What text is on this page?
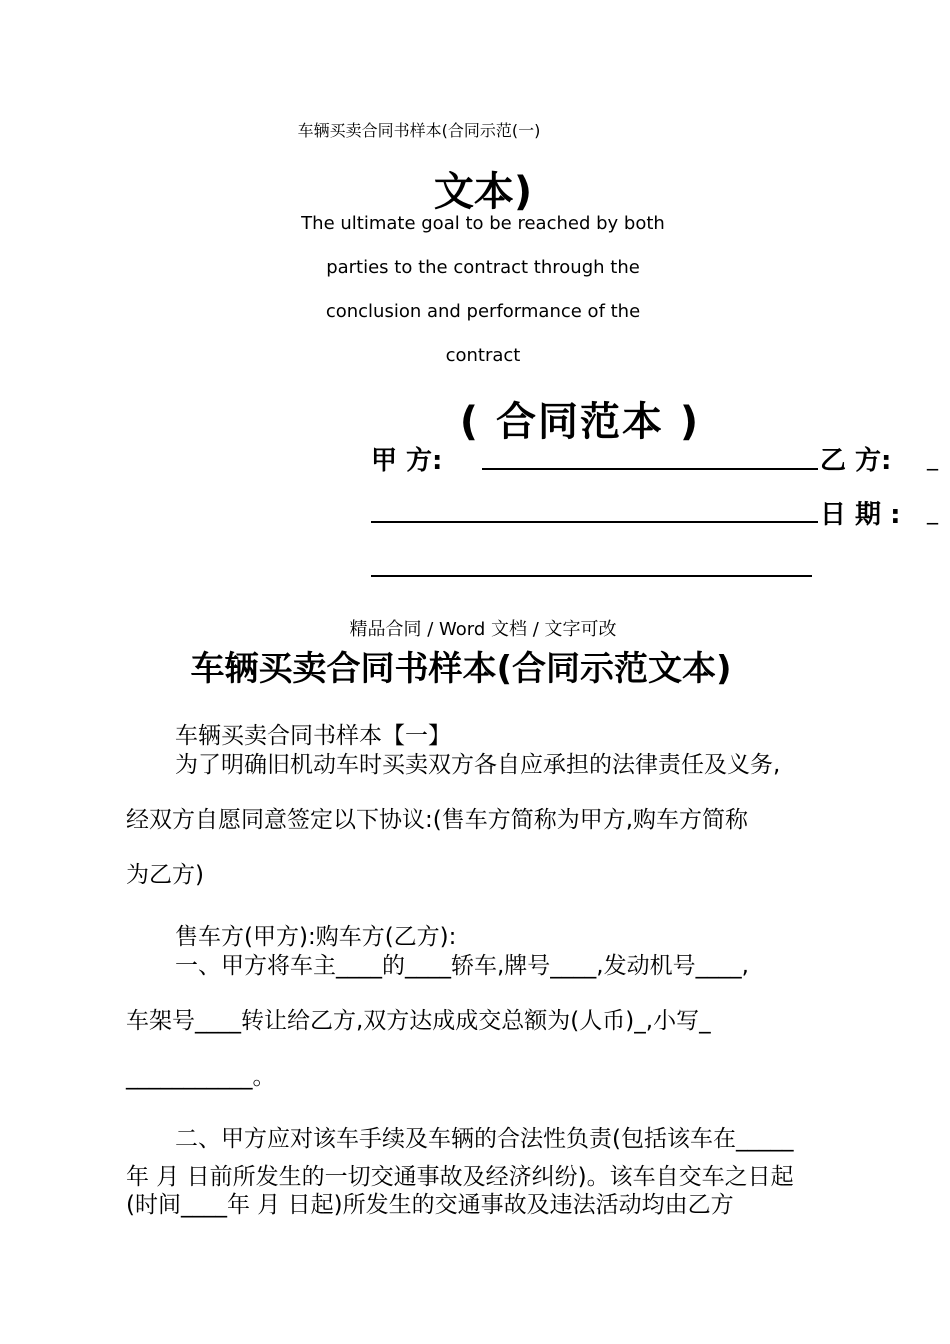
车辆买卖合同书样本(合同示范(一)
文本)
The ultimate goal to be reached by both
parties to the contract through the
conclusion and performance of the
contract
( 合同范本 )
甲 方:	乙 方: _
日 期 : _
精品合同 / Word 文档 / 文字可改
车辆买卖合同书样本(合同示范文本)
车辆买卖合同书样本【一】
为了明确旧机动车时买卖双方各自应承担的法律责任及义务,
经双方自愿同意签定以下协议:(售车方简称为甲方,购车方简称
为乙方)
售车方(甲方):购车方(乙方):
一、甲方将车主____的____轿车,牌号____,发动机号____,
车架号____转让给乙方,双方达成成交总额为(人币)_,小写_
___________。
二、甲方应对该车手续及车辆的合法性负责(包括该车在_____
年 月 日前所发生的一切交通事故及经济纠纷)。该车自交车之日起
(时间____年 月 日起)所发生的交通事故及违法活动均由乙方
